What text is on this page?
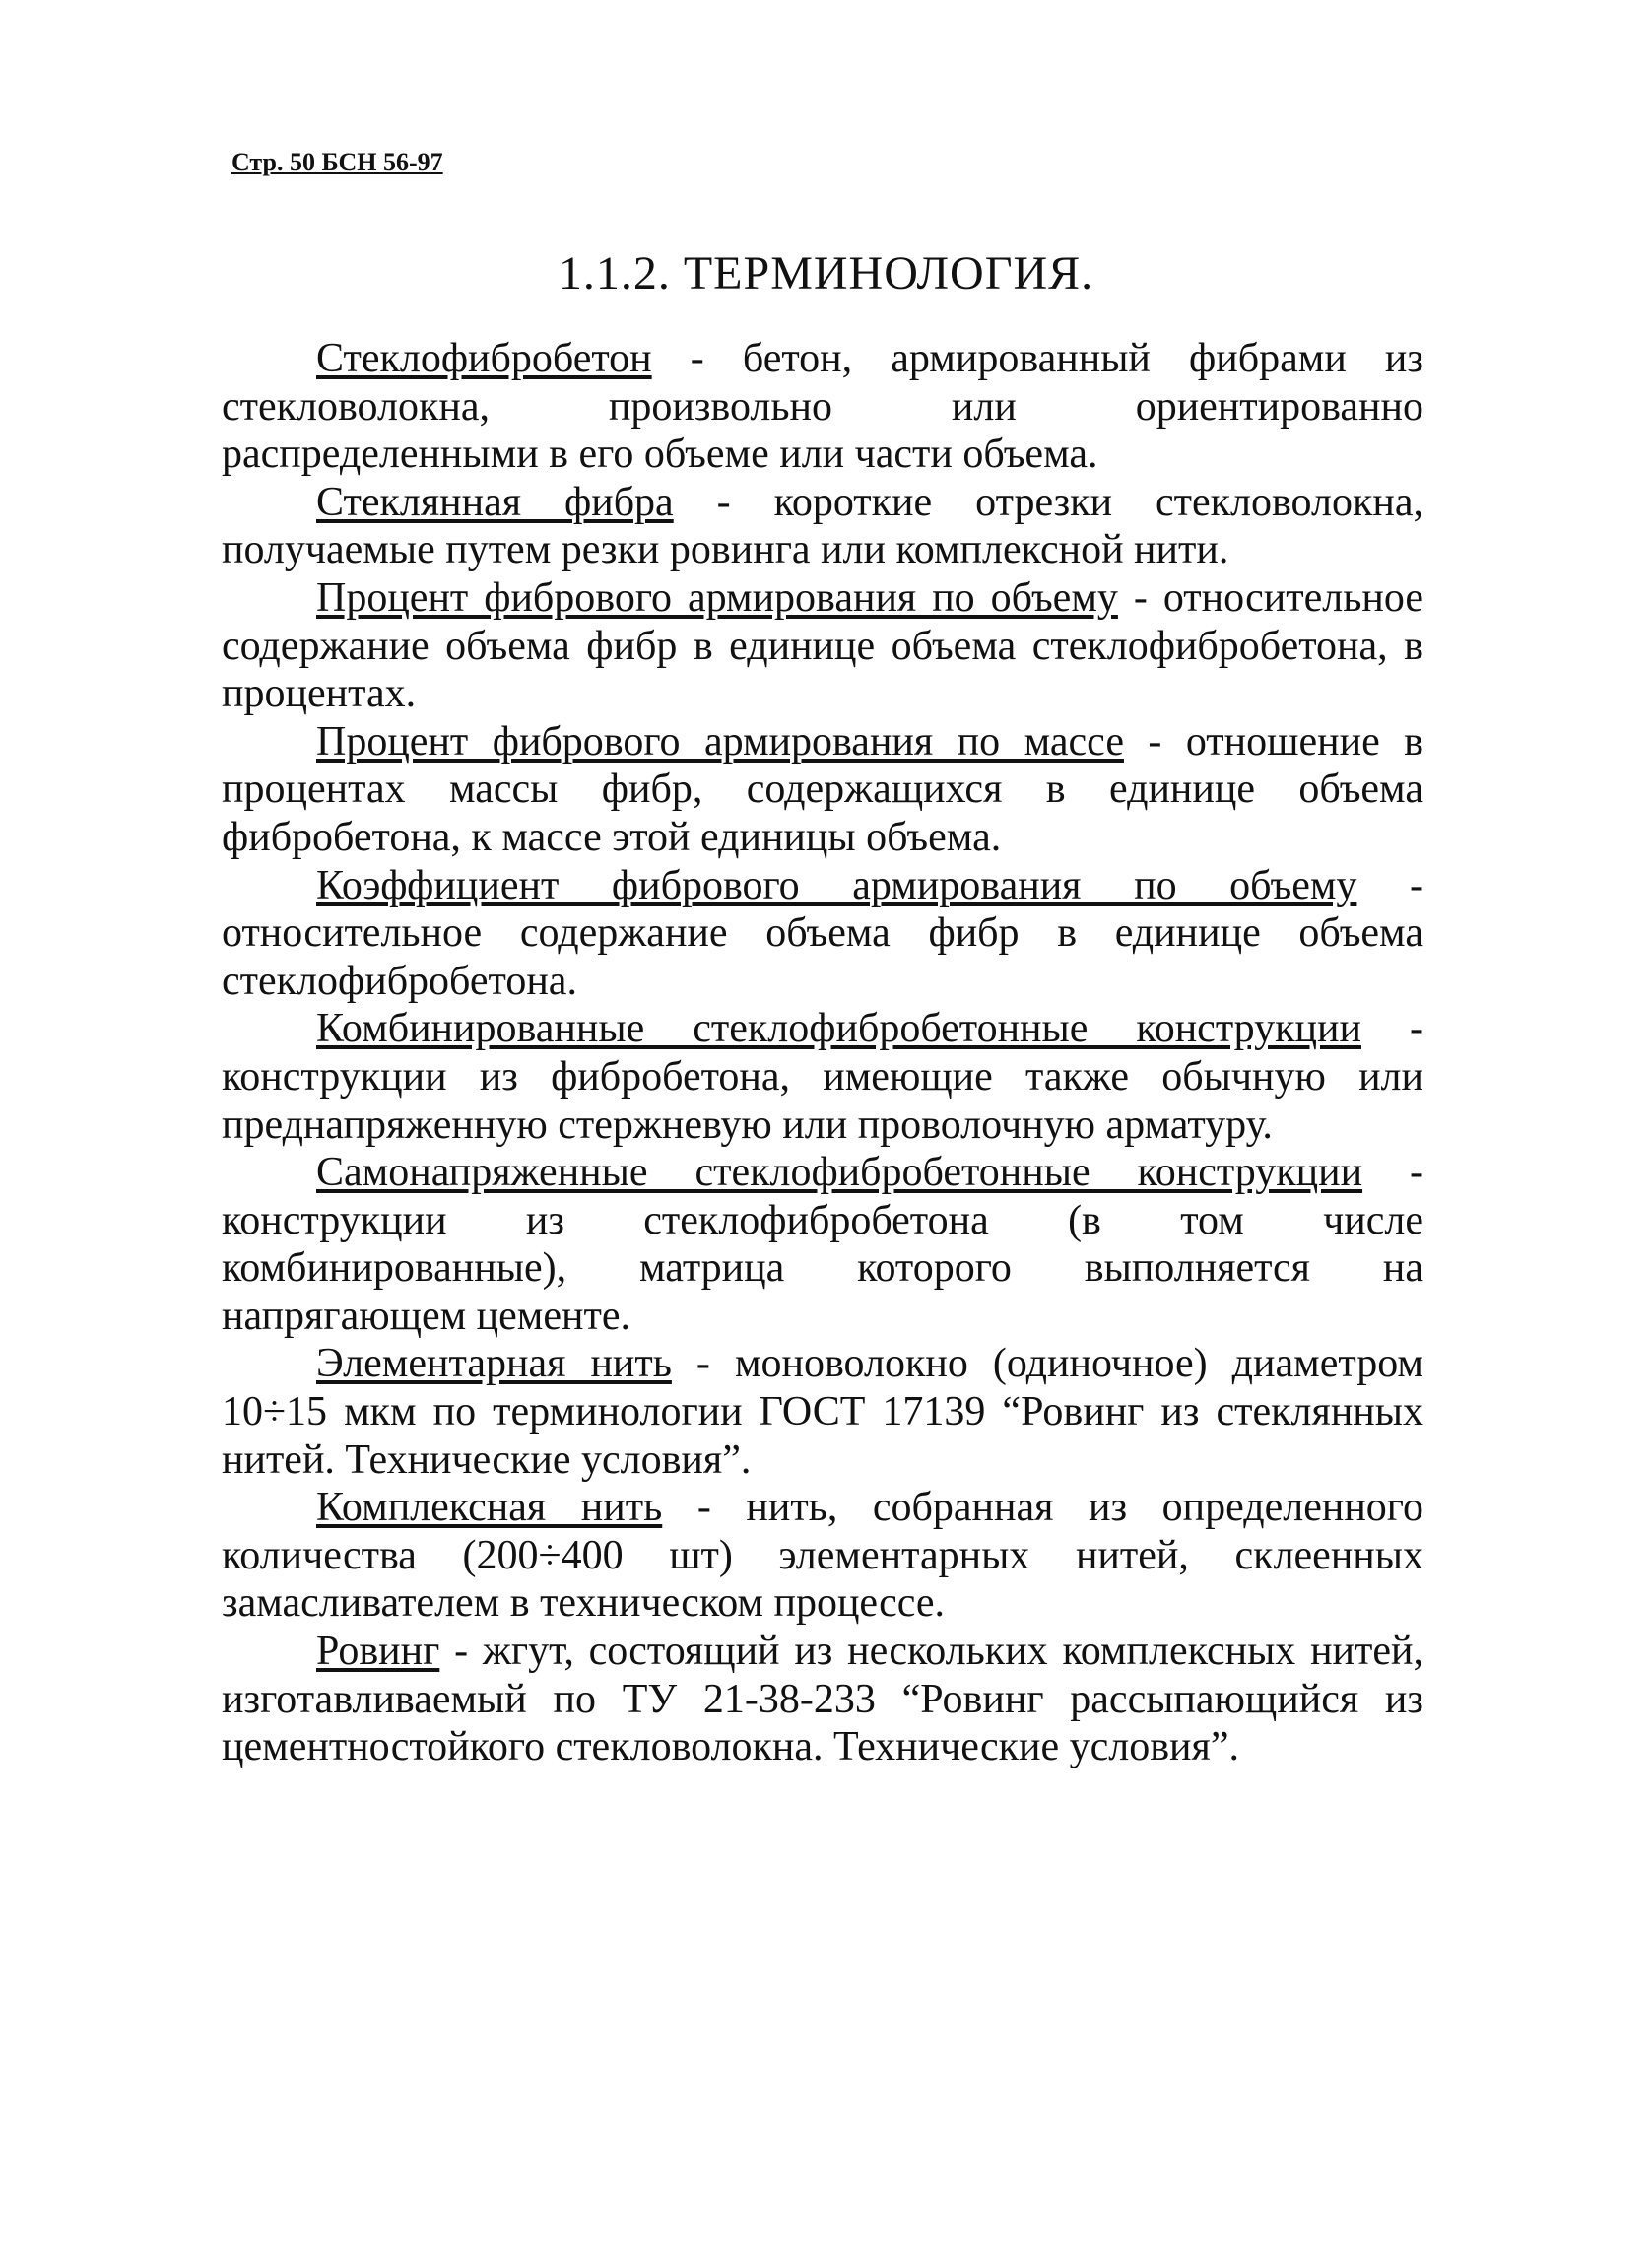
Стр. 50 БСН 56-97
1.1.2. ТЕРМИНОЛОГИЯ.

Стеклофибробетон - бетон, армированный фибрами из стекловолокна, произвольно или ориентированно распределенными в его объеме или части объема.

Стеклянная фибра - короткие отрезки стекловолокна, получаемые путем резки ровинга или комплексной нити.

Процент фибрового армирования по объему - относительное содержание объема фибр в единице объема стеклофибробетона, в процентах.

Процент фибрового армирования по массе - отношение в процентах массы фибр, содержащихся в единице объема фибробетона, к массе этой единицы объема.

Коэффициент фибрового армирования по объему - относительное содержание объема фибр в единице объема стеклофибробетона.

Комбинированные стеклофибробетонные конструкции - конструкции из фибробетона, имеющие также обычную или преднапряженную стержневую или проволочную арматуру.

Самонапряженные стеклофибробетонные конструкции - конструкции из стеклофибробетона (в том числе комбинированные), матрица которого выполняется на напрягающем цементе.

Элементарная нить - моноволокно (одиночное) диаметром 10÷15 мкм по терминологии ГОСТ 17139 “Ровинг из стеклянных нитей. Технические условия”.

Комплексная нить - нить, собранная из определенного количества (200÷400 шт) элементарных нитей, склеенных замасливателем в техническом процессе.

Ровинг - жгут, состоящий из нескольких комплексных нитей, изготавливаемый по ТУ 21-38-233 “Ровинг рассыпающийся из цементностойкого стекловолокна. Технические условия”.
